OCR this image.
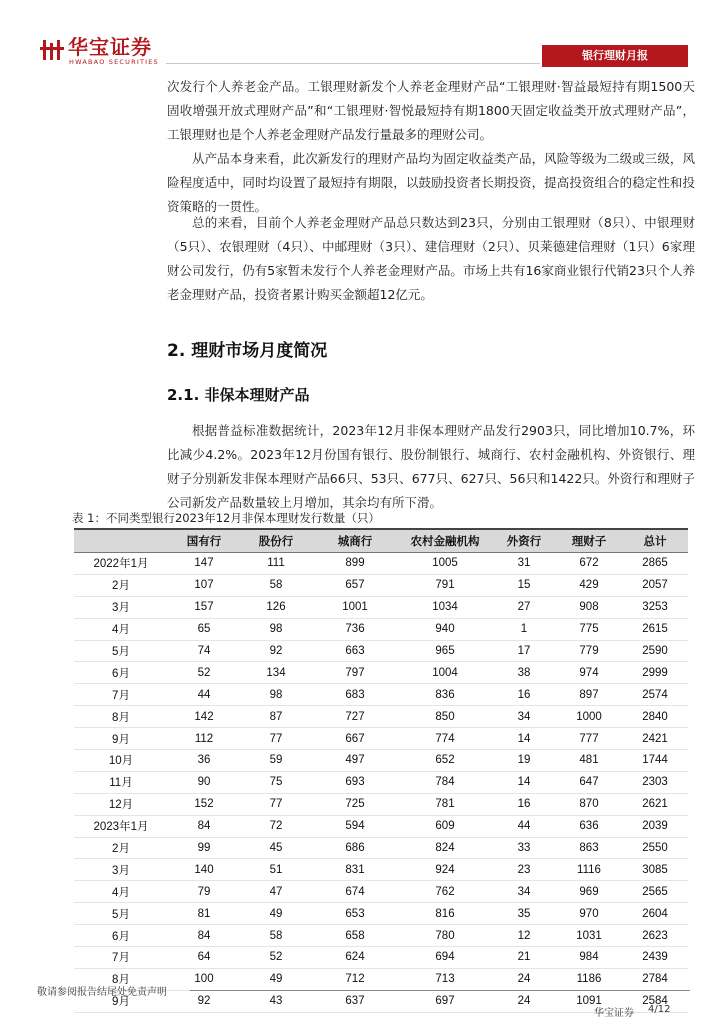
华宝证券
HWABAO SECURITIES	银行理财月报

次发行个人养老金产品。工银理财新发个人养老金理财产品“工银理财·智益最短持有期1500天固收增强开放式理财产品”和“工银理财·智悦最短持有期1800天固定收益类开放式理财产品”， 工银理财也是个人养老金理财产品发行量最多的理财公司。

从产品本身来看，此次新发行的理财产品均为固定收益类产品，风险等级为二级或三级，风险程度适中，同时均设置了最短持有期限，以鼓励投资者长期投资，提高投资组合的稳定性和投资策略的一贯性。

总的来看，目前个人养老金理财产品总只数达到23只，分别由工银理财（8只）、中银理财（5只）、农银理财（4只）、中邮理财（3只）、建信理财（2只）、贝莱德建信理财（1只）6家理财公司发行，仍有5家暂未发行个人养老金理财产品。市场上共有16家商业银行代销23只个人养老金理财产品，投资者累计购买金额超12亿元。

2. 理财市场月度简况
2.1. 非保本理财产品

根据普益标准数据统计，2023年12月非保本理财产品发行2903只，同比增加10.7%，环比减少4.2%。2023年12月份国有银行、股份制银行、城商行、农村金融机构、外资银行、理财子分别新发非保本理财产品66只、53只、677只、627只、56只和1422只。外资行和理财子公司新发产品数量较上月增加，其余均有所下滑。

表 1：不同类型银行2023年12月非保本理财发行数量（只）
	国有行	股份行	城商行	农村金融机构	外资行	理财子	总计
2022年1月	147	111	899	1005	31	672	2865
2月	107	58	657	791	15	429	2057
3月	157	126	1001	1034	27	908	3253
4月	65	98	736	940	1	775	2615
5月	74	92	663	965	17	779	2590
6月	52	134	797	1004	38	974	2999
7月	44	98	683	836	16	897	2574
8月	142	87	727	850	34	1000	2840
9月	112	77	667	774	14	777	2421
10月	36	59	497	652	19	481	1744
11月	90	75	693	784	14	647	2303
12月	152	77	725	781	16	870	2621
2023年1月	84	72	594	609	44	636	2039
2月	99	45	686	824	33	863	2550
3月	140	51	831	924	23	1116	3085
4月	79	47	674	762	34	969	2565
5月	81	49	653	816	35	970	2604
6月	84	58	658	780	12	1031	2623
7月	64	52	624	694	21	984	2439
8月	100	49	712	713	24	1186	2784
9月	92	43	637	697	24	1091	2584
敬请参阅报告结尾处免责声明
华宝证券 4/12
